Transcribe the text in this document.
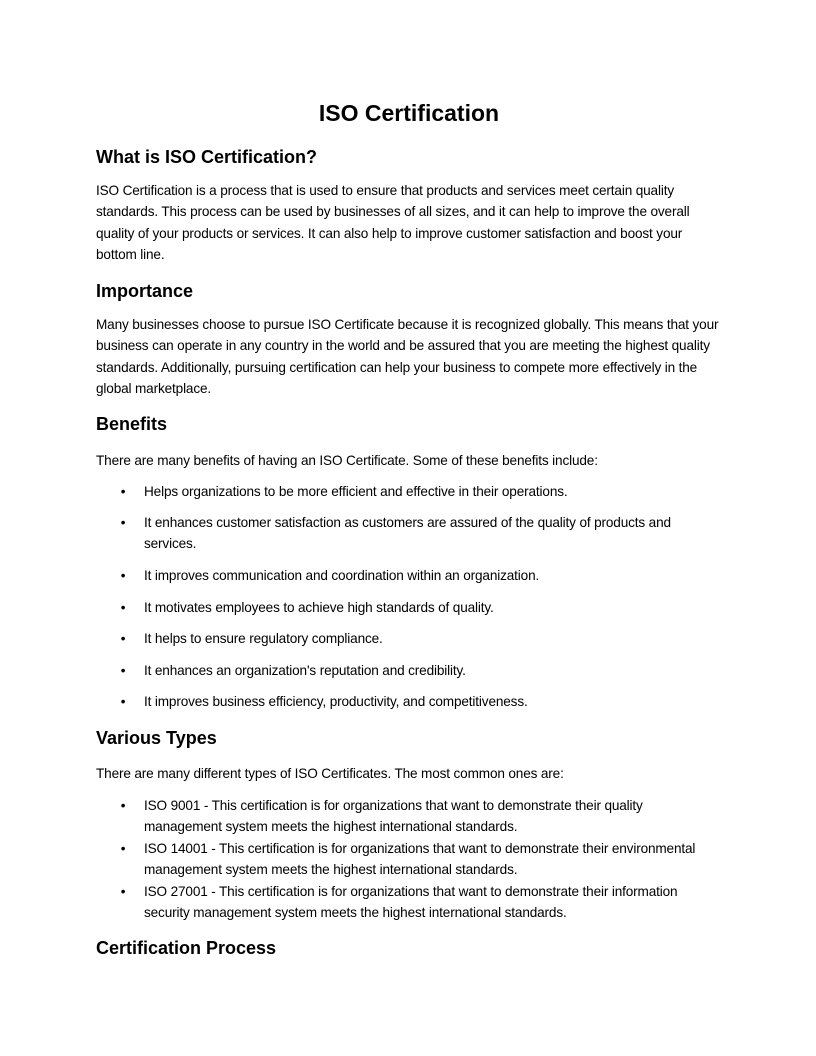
ISO Certification
What is ISO Certification?

ISO Certification is a process that is used to ensure that products and services meet certain quality standards. This process can be used by businesses of all sizes, and it can help to improve the overall quality of your products or services. It can also help to improve customer satisfaction and boost your bottom line.

Importance

Many businesses choose to pursue ISO Certificate because it is recognized globally. This means that your business can operate in any country in the world and be assured that you are meeting the highest quality standards. Additionally, pursuing certification can help your business to compete more effectively in the global marketplace.

Benefits

There are many benefits of having an ISO Certificate. Some of these benefits include:

• Helps organizations to be more efficient and effective in their operations.
• It enhances customer satisfaction as customers are assured of the quality of products and services.
• It improves communication and coordination within an organization.
• It motivates employees to achieve high standards of quality.
• It helps to ensure regulatory compliance.
• It enhances an organization's reputation and credibility.
• It improves business efficiency, productivity, and competitiveness.
Various Types

There are many different types of ISO Certificates. The most common ones are:

• ISO 9001 - This certification is for organizations that want to demonstrate their quality management system meets the highest international standards.
• ISO 14001 - This certification is for organizations that want to demonstrate their environmental management system meets the highest international standards.
• ISO 27001 - This certification is for organizations that want to demonstrate their information security management system meets the highest international standards.
Certification Process
